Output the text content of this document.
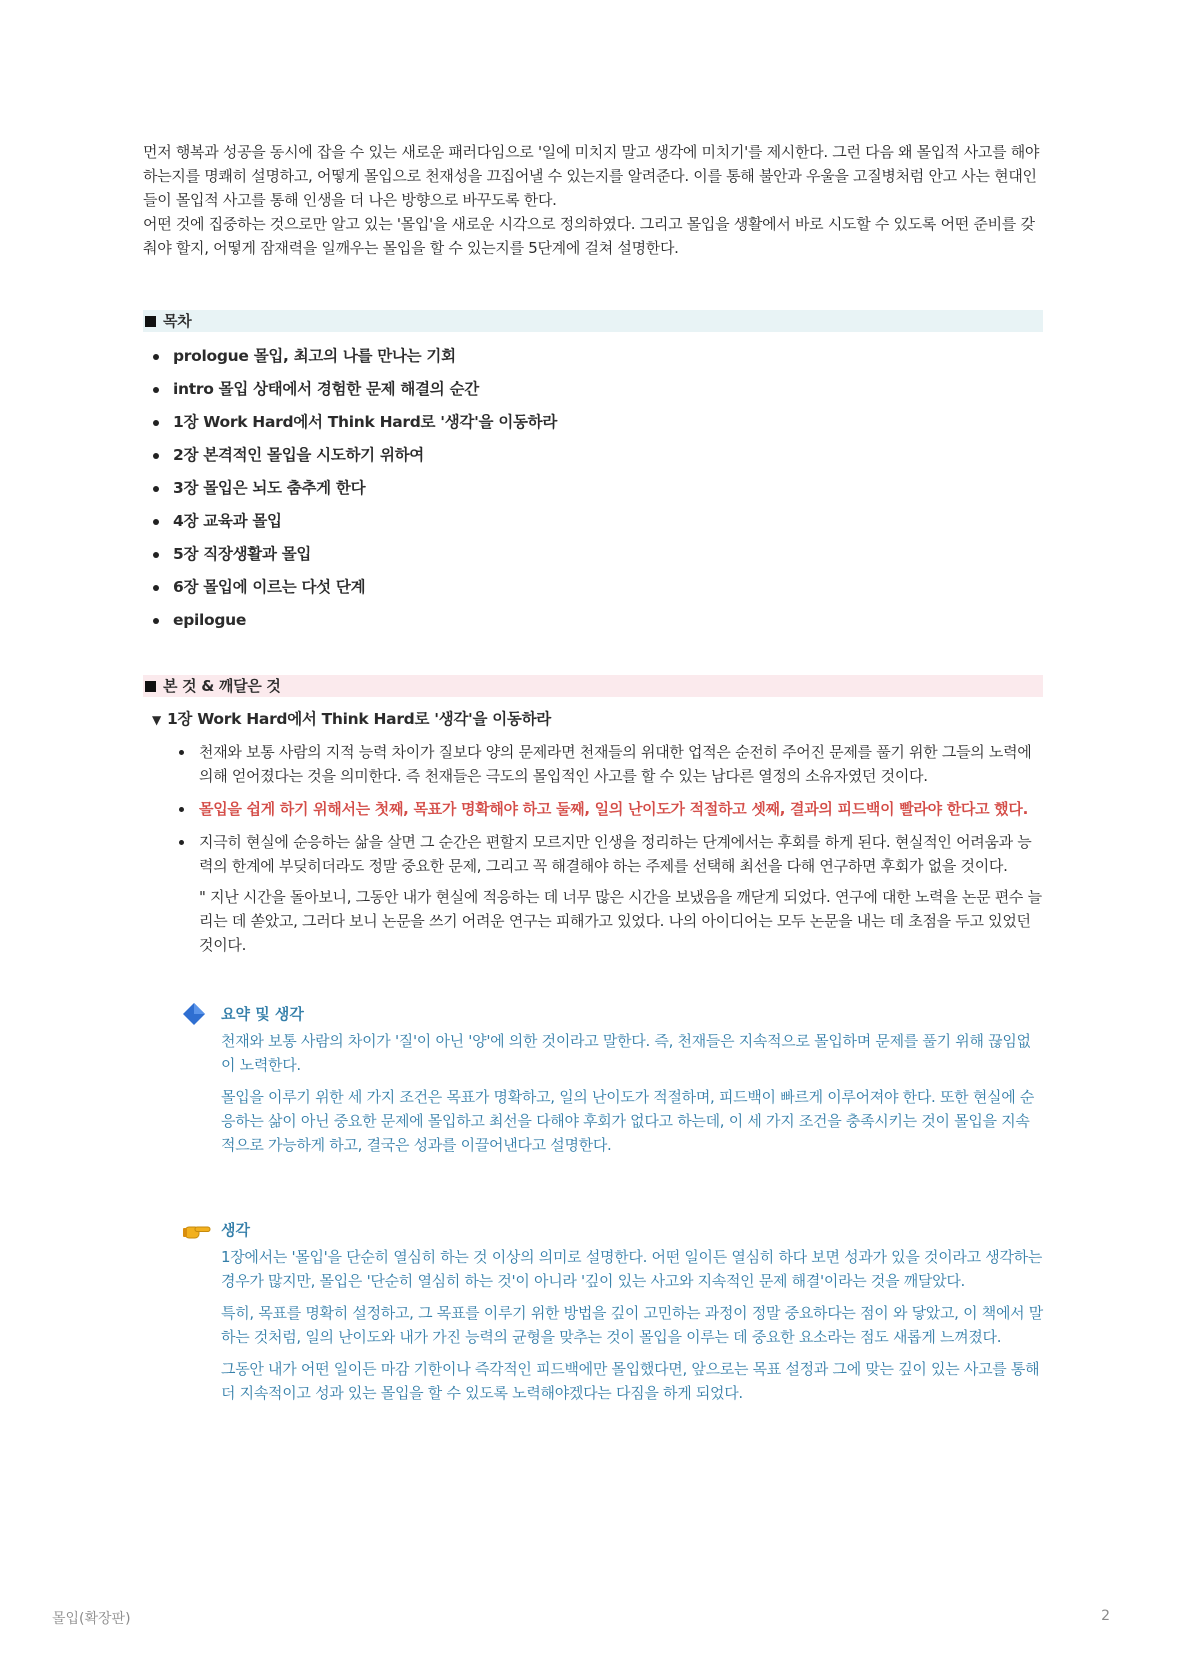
먼저 행복과 성공을 동시에 잡을 수 있는 새로운 패러다임으로 '일에 미치지 말고 생각에 미치기'를 제시한다. 그런 다음 왜 몰입적 사고를 해야 하는지를 명쾌히 설명하고, 어떻게 몰입으로 천재성을 끄집어낼 수 있는지를 알려준다. 이를 통해 불안과 우울을 고질병처럼 안고 사는 현대인들이 몰입적 사고를 통해 인생을 더 나은 방향으로 바꾸도록 한다.

어떤 것에 집중하는 것으로만 알고 있는 '몰입'을 새로운 시각으로 정의하였다. 그리고 몰입을 생활에서 바로 시도할 수 있도록 어떤 준비를 갖춰야 할지, 어떻게 잠재력을 일깨우는 몰입을 할 수 있는지를 5단계에 걸쳐 설명한다.

목차
prologue 몰입, 최고의 나를 만나는 기회
intro 몰입 상태에서 경험한 문제 해결의 순간
1장 Work Hard에서 Think Hard로 '생각'을 이동하라
2장 본격적인 몰입을 시도하기 위하여
3장 몰입은 뇌도 춤추게 한다
4장 교육과 몰입
5장 직장생활과 몰입
6장 몰입에 이르는 다섯 단계
epilogue
본 것 & 깨달은 것
▼ 1장 Work Hard에서 Think Hard로 '생각'을 이동하라
천재와 보통 사람의 지적 능력 차이가 질보다 양의 문제라면 천재들의 위대한 업적은 순전히 주어진 문제를 풀기 위한 그들의 노력에 의해 얻어졌다는 것을 의미한다. 즉 천재들은 극도의 몰입적인 사고를 할 수 있는 남다른 열정의 소유자였던 것이다.
몰입을 쉽게 하기 위해서는 첫째, 목표가 명확해야 하고 둘째, 일의 난이도가 적절하고 셋째, 결과의 피드백이 빨라야 한다고 했다.
지극히 현실에 순응하는 삶을 살면 그 순간은 편할지 모르지만 인생을 정리하는 단계에서는 후회를 하게 된다. 현실적인 어려움과 능력의 한계에 부딪히더라도 정말 중요한 문제, 그리고 꼭 해결해야 하는 주제를 선택해 최선을 다해 연구하면 후회가 없을 것이다.

" 지난 시간을 돌아보니, 그동안 내가 현실에 적응하는 데 너무 많은 시간을 보냈음을 깨닫게 되었다. 연구에 대한 노력을 논문 편수 늘리는 데 쏟았고, 그러다 보니 논문을 쓰기 어려운 연구는 피해가고 있었다. 나의 아이디어는 모두 논문을 내는 데 초점을 두고 있었던 것이다.

요약 및 생각

천재와 보통 사람의 차이가 '질'이 아닌 '양'에 의한 것이라고 말한다. 즉, 천재들은 지속적으로 몰입하며 문제를 풀기 위해 끊임없이 노력한다.

몰입을 이루기 위한 세 가지 조건은 목표가 명확하고, 일의 난이도가 적절하며, 피드백이 빠르게 이루어져야 한다. 또한 현실에 순응하는 삶이 아닌 중요한 문제에 몰입하고 최선을 다해야 후회가 없다고 하는데, 이 세 가지 조건을 충족시키는 것이 몰입을 지속적으로 가능하게 하고, 결국은 성과를 이끌어낸다고 설명한다.

생각

1장에서는 '몰입'을 단순히 열심히 하는 것 이상의 의미로 설명한다. 어떤 일이든 열심히 하다 보면 성과가 있을 것이라고 생각하는 경우가 많지만, 몰입은 '단순히 열심히 하는 것'이 아니라 '깊이 있는 사고와 지속적인 문제 해결'이라는 것을 깨달았다.

특히, 목표를 명확히 설정하고, 그 목표를 이루기 위한 방법을 깊이 고민하는 과정이 정말 중요하다는 점이 와 닿았고, 이 책에서 말하는 것처럼, 일의 난이도와 내가 가진 능력의 균형을 맞추는 것이 몰입을 이루는 데 중요한 요소라는 점도 새롭게 느껴졌다.

그동안 내가 어떤 일이든 마감 기한이나 즉각적인 피드백에만 몰입했다면, 앞으로는 목표 설정과 그에 맞는 깊이 있는 사고를 통해 더 지속적이고 성과 있는 몰입을 할 수 있도록 노력해야겠다는 다짐을 하게 되었다.

몰입(확장판)	2
